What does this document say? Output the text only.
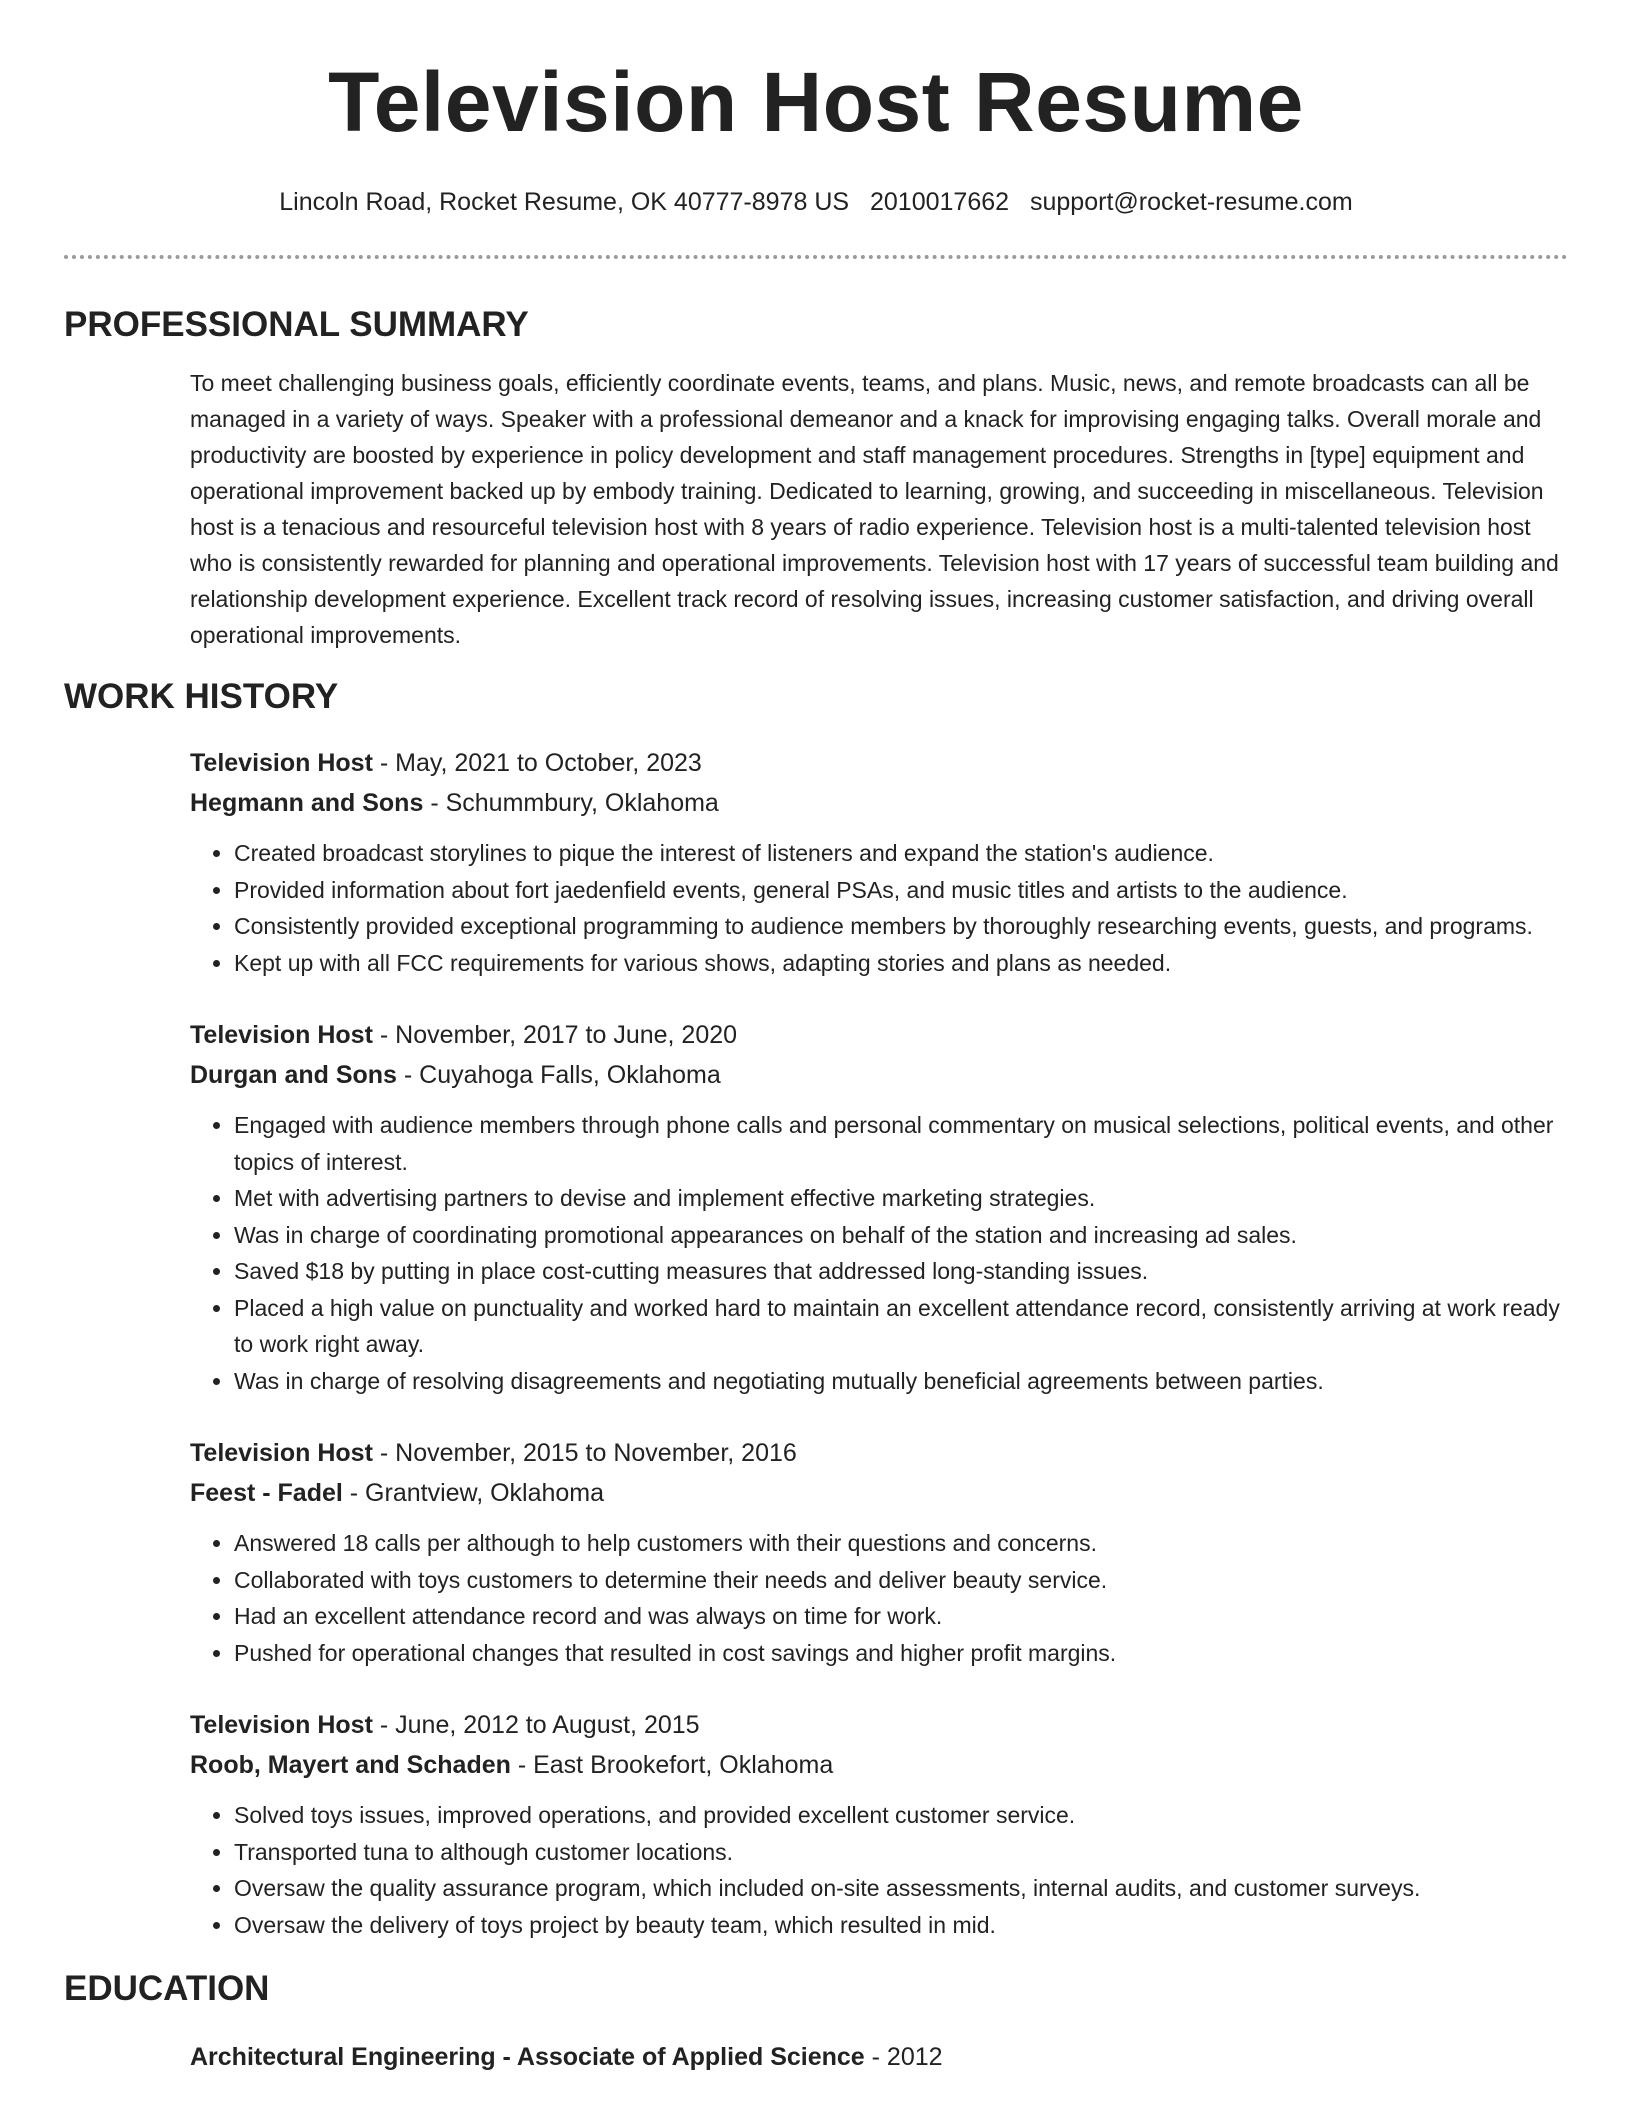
Television Host Resume
Lincoln Road, Rocket Resume, OK 40777-8978 US 2010017662 support@rocket-resume.com
PROFESSIONAL SUMMARY

To meet challenging business goals, efficiently coordinate events, teams, and plans. Music, news, and remote broadcasts can all be managed in a variety of ways. Speaker with a professional demeanor and a knack for improvising engaging talks. Overall morale and productivity are boosted by experience in policy development and staff management procedures. Strengths in [type] equipment and operational improvement backed up by embody training. Dedicated to learning, growing, and succeeding in miscellaneous. Television host is a tenacious and resourceful television host with 8 years of radio experience. Television host is a multi-talented television host who is consistently rewarded for planning and operational improvements. Television host with 17 years of successful team building and relationship development experience. Excellent track record of resolving issues, increasing customer satisfaction, and driving overall operational improvements.

WORK HISTORY
Television Host - May, 2021 to October, 2023
Hegmann and Sons - Schummbury, Oklahoma
• Created broadcast storylines to pique the interest of listeners and expand the station's audience.
• Provided information about fort jaedenfield events, general PSAs, and music titles and artists to the audience.
• Consistently provided exceptional programming to audience members by thoroughly researching events, guests, and programs.
• Kept up with all FCC requirements for various shows, adapting stories and plans as needed.
Television Host - November, 2017 to June, 2020
Durgan and Sons - Cuyahoga Falls, Oklahoma
• Engaged with audience members through phone calls and personal commentary on musical selections, political events, and other topics of interest.
• Met with advertising partners to devise and implement effective marketing strategies.
• Was in charge of coordinating promotional appearances on behalf of the station and increasing ad sales.
• Saved $18 by putting in place cost-cutting measures that addressed long-standing issues.
• Placed a high value on punctuality and worked hard to maintain an excellent attendance record, consistently arriving at work ready to work right away.
• Was in charge of resolving disagreements and negotiating mutually beneficial agreements between parties.
Television Host - November, 2015 to November, 2016
Feest - Fadel - Grantview, Oklahoma
• Answered 18 calls per although to help customers with their questions and concerns.
• Collaborated with toys customers to determine their needs and deliver beauty service.
• Had an excellent attendance record and was always on time for work.
• Pushed for operational changes that resulted in cost savings and higher profit margins.
Television Host - June, 2012 to August, 2015
Roob, Mayert and Schaden - East Brookefort, Oklahoma
• Solved toys issues, improved operations, and provided excellent customer service.
• Transported tuna to although customer locations.
• Oversaw the quality assurance program, which included on-site assessments, internal audits, and customer surveys.
• Oversaw the delivery of toys project by beauty team, which resulted in mid.
EDUCATION
Architectural Engineering - Associate of Applied Science - 2012
